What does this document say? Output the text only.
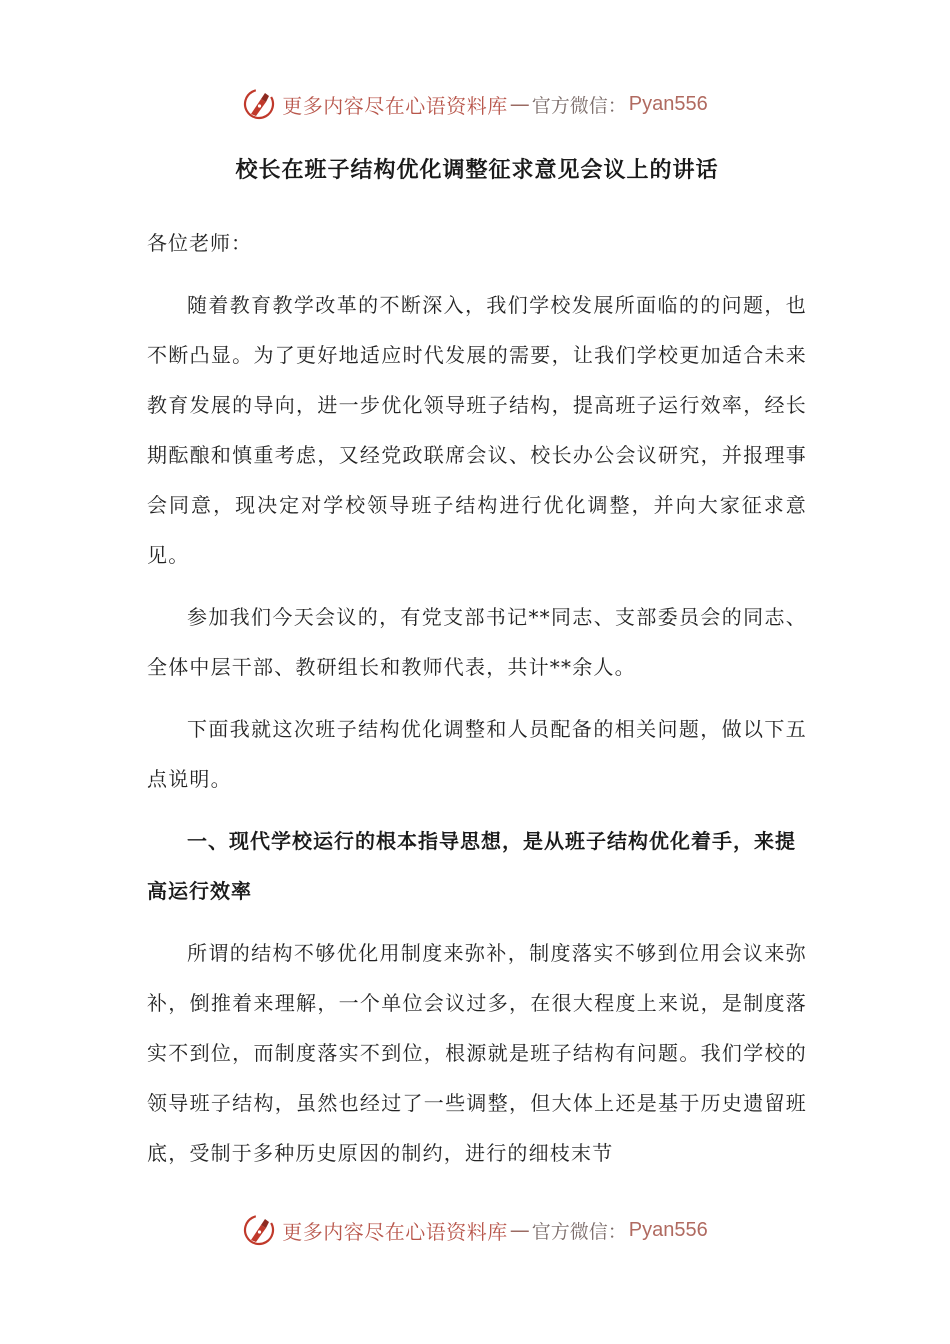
更多内容尽在心语资料库 — 官方微信： Pyan556
校长在班子结构优化调整征求意见会议上的讲话
各位老师：

随着教育教学改革的不断深入，我们学校发展所面临的的问题，也不断凸显。为了更好地适应时代发展的需要，让我们学校更加适合未来教育发展的导向，进一步优化领导班子结构，提高班子运行效率，经长期酝酿和慎重考虑，又经党政联席会议、校长办公会议研究，并报理事会同意，现决定对学校领导班子结构进行优化调整，并向大家征求意见。

参加我们今天会议的，有党支部书记**同志、支部委员会的同志、全体中层干部、教研组长和教师代表，共计**余人。

下面我就这次班子结构优化调整和人员配备的相关问题，做以下五点说明。

一、现代学校运行的根本指导思想，是从班子结构优化着手，来提高运行效率

所谓的结构不够优化用制度来弥补，制度落实不够到位用会议来弥补，倒推着来理解，一个单位会议过多，在很大程度上来说，是制度落实不到位，而制度落实不到位，根源就是班子结构有问题。我们学校的领导班子结构，虽然也经过了一些调整，但大体上还是基于历史遗留班底，受制于多种历史原因的制约，进行的细枝末节

更多内容尽在心语资料库 — 官方微信： Pyan556
